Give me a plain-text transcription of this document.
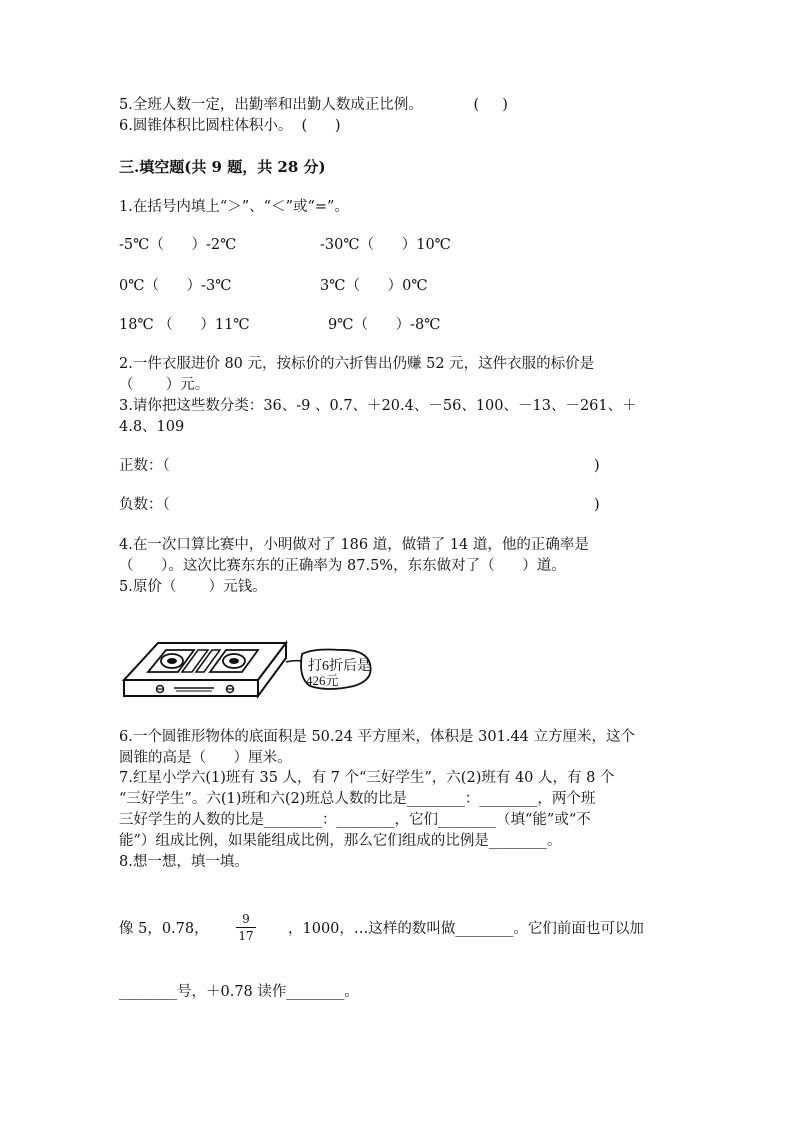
5.全班人数一定，出勤率和出勤人数成正比例。           (     )
6.圆锥体积比圆柱体积小。  (      )
三.填空题(共 9 题，共 28 分)
1.在括号内填上“＞”、“＜”或“=”。
-5℃（      ）-2℃	-30℃（      ）10℃
0℃（      ）-3℃	3℃（      ）0℃
18℃ （      ）11℃	9℃（      ）-8℃
2.一件衣服进价 80 元，按标价的六折售出仍赚 52 元，这件衣服的标价是
（       ）元。
3.请你把这些数分类：36、-9 、0.7、＋20.4、－56、100、－13、－261、＋
4.8、109
正数：（	)
负数：（	)
4.在一次口算比赛中，小明做对了 186 道，做错了 14 道，他的正确率是
（      ）。这次比赛东东的正确率为 87.5%，东东做对了（      ）道。
5.原价（       ）元钱。
打6折后是
426元
6.一个圆锥形物体的底面积是 50.24 平方厘米，体积是 301.44 立方厘米，这个
圆锥的高是（      ）厘米。
7.红星小学六(1)班有 35 人，有 7 个“三好学生”，六(2)班有 40 人，有 8 个
“三好学生”。六(1)班和六(2)班总人数的比是________：________，两个班
三好学生的人数的比是________：________，它们________（填“能”或“不
能”）组成比例，如果能组成比例，那么它们组成的比例是________。
8.想一想，填一填。
像 5，0.78，
9
17 ，1000，…这样的数叫做________。它们前面也可以加
________号，＋0.78 读作________。
